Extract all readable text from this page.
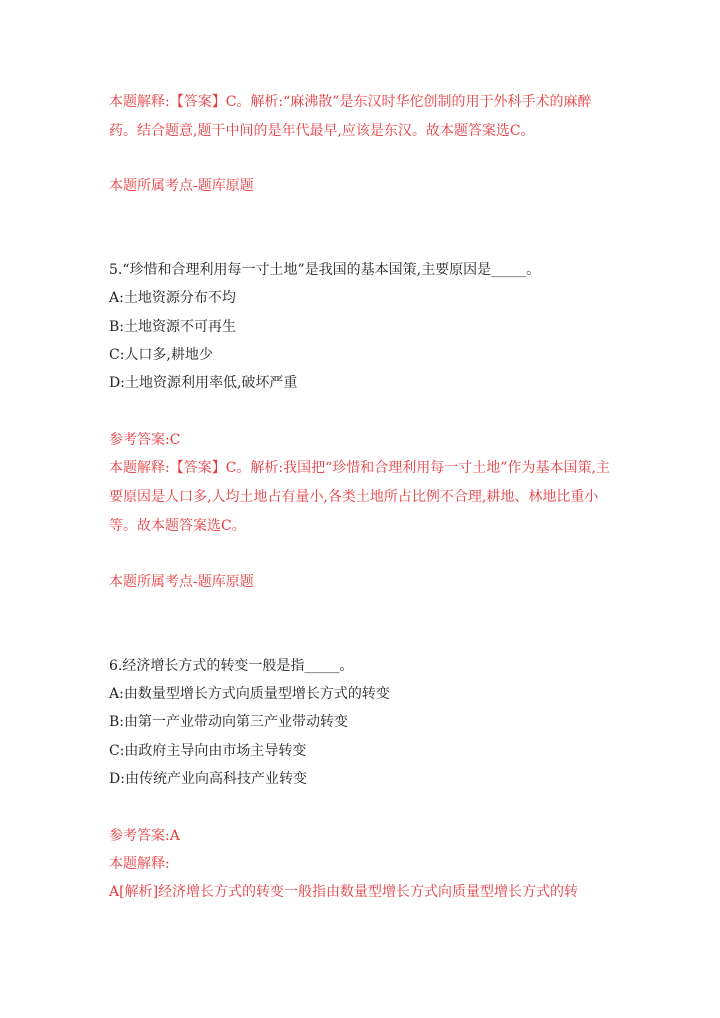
本题解释:【答案】C。解析:“麻沸散”是东汉时华佗创制的用于外科手术的麻醉药。结合题意,题干中间的是年代最早,应该是东汉。故本题答案选C。
本题所属考点-题库原题
5.“珍惜和合理利用每一寸土地”是我国的基本国策,主要原因是_____。
A:土地资源分布不均
B:土地资源不可再生
C:人口多,耕地少
D:土地资源利用率低,破坏严重
参考答案:C
本题解释:【答案】C。解析:我国把“珍惜和合理利用每一寸土地”作为基本国策,主要原因是人口多,人均土地占有量小,各类土地所占比例不合理,耕地、林地比重小等。故本题答案选C。
本题所属考点-题库原题
6.经济增长方式的转变一般是指_____。
A:由数量型增长方式向质量型增长方式的转变
B:由第一产业带动向第三产业带动转变
C:由政府主导向由市场主导转变
D:由传统产业向高科技产业转变
参考答案:A
本题解释:
A[解析]经济增长方式的转变一般指由数量型增长方式向质量型增长方式的转
